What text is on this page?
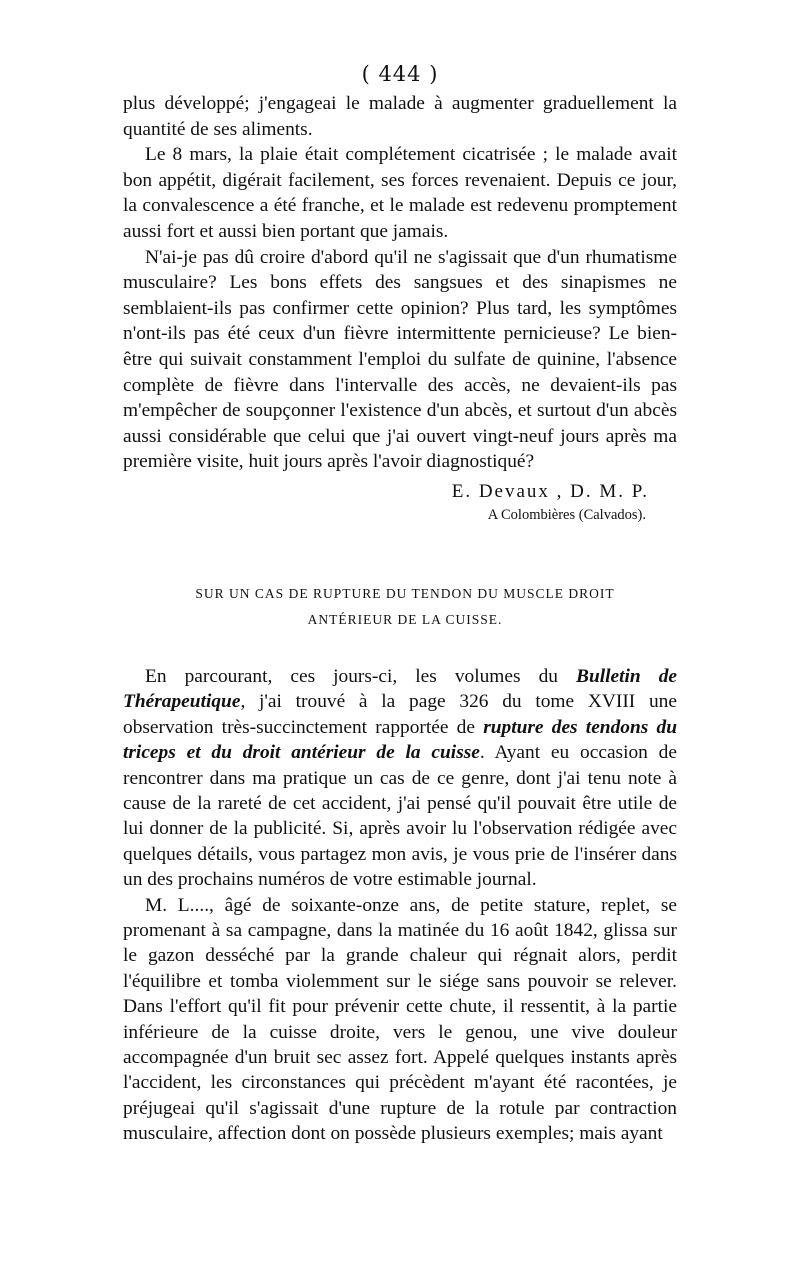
( 444 )

plus développé; j'engageai le malade à augmenter graduellement la quantité de ses aliments.

Le 8 mars, la plaie était complétement cicatrisée ; le malade avait bon appétit, digérait facilement, ses forces revenaient. Depuis ce jour, la convalescence a été franche, et le malade est redevenu promptement aussi fort et aussi bien portant que jamais.

N'ai-je pas dû croire d'abord qu'il ne s'agissait que d'un rhumatisme musculaire? Les bons effets des sangsues et des sinapismes ne semblaient-ils pas confirmer cette opinion? Plus tard, les symptômes n'ont-ils pas été ceux d'un fièvre intermittente pernicieuse? Le bien-être qui suivait constamment l'emploi du sulfate de quinine, l'absence complète de fièvre dans l'intervalle des accès, ne devaient-ils pas m'empêcher de soupçonner l'existence d'un abcès, et surtout d'un abcès aussi considérable que celui que j'ai ouvert vingt-neuf jours après ma première visite, huit jours après l'avoir diagnostiqué?

E. Devaux , D. M. P.
A Colombières (Calvados).
SUR UN CAS DE RUPTURE DU TENDON DU MUSCLE DROIT
ANTÉRIEUR DE LA CUISSE.

En parcourant, ces jours-ci, les volumes du Bulletin de Thérapeutique, j'ai trouvé à la page 326 du tome XVIII une observation très-succinctement rapportée de rupture des tendons du triceps et du droit antérieur de la cuisse. Ayant eu occasion de rencontrer dans ma pratique un cas de ce genre, dont j'ai tenu note à cause de la rareté de cet accident, j'ai pensé qu'il pouvait être utile de lui donner de la publicité. Si, après avoir lu l'observation rédigée avec quelques détails, vous partagez mon avis, je vous prie de l'insérer dans un des prochains numéros de votre estimable journal.

M. L...., âgé de soixante-onze ans, de petite stature, replet, se promenant à sa campagne, dans la matinée du 16 août 1842, glissa sur le gazon desséché par la grande chaleur qui régnait alors, perdit l'équilibre et tomba violemment sur le siége sans pouvoir se relever. Dans l'effort qu'il fit pour prévenir cette chute, il ressentit, à la partie inférieure de la cuisse droite, vers le genou, une vive douleur accompagnée d'un bruit sec assez fort. Appelé quelques instants après l'accident, les circonstances qui précèdent m'ayant été racontées, je préjugeai qu'il s'agissait d'une rupture de la rotule par contraction musculaire, affection dont on possède plusieurs exemples; mais ayant
